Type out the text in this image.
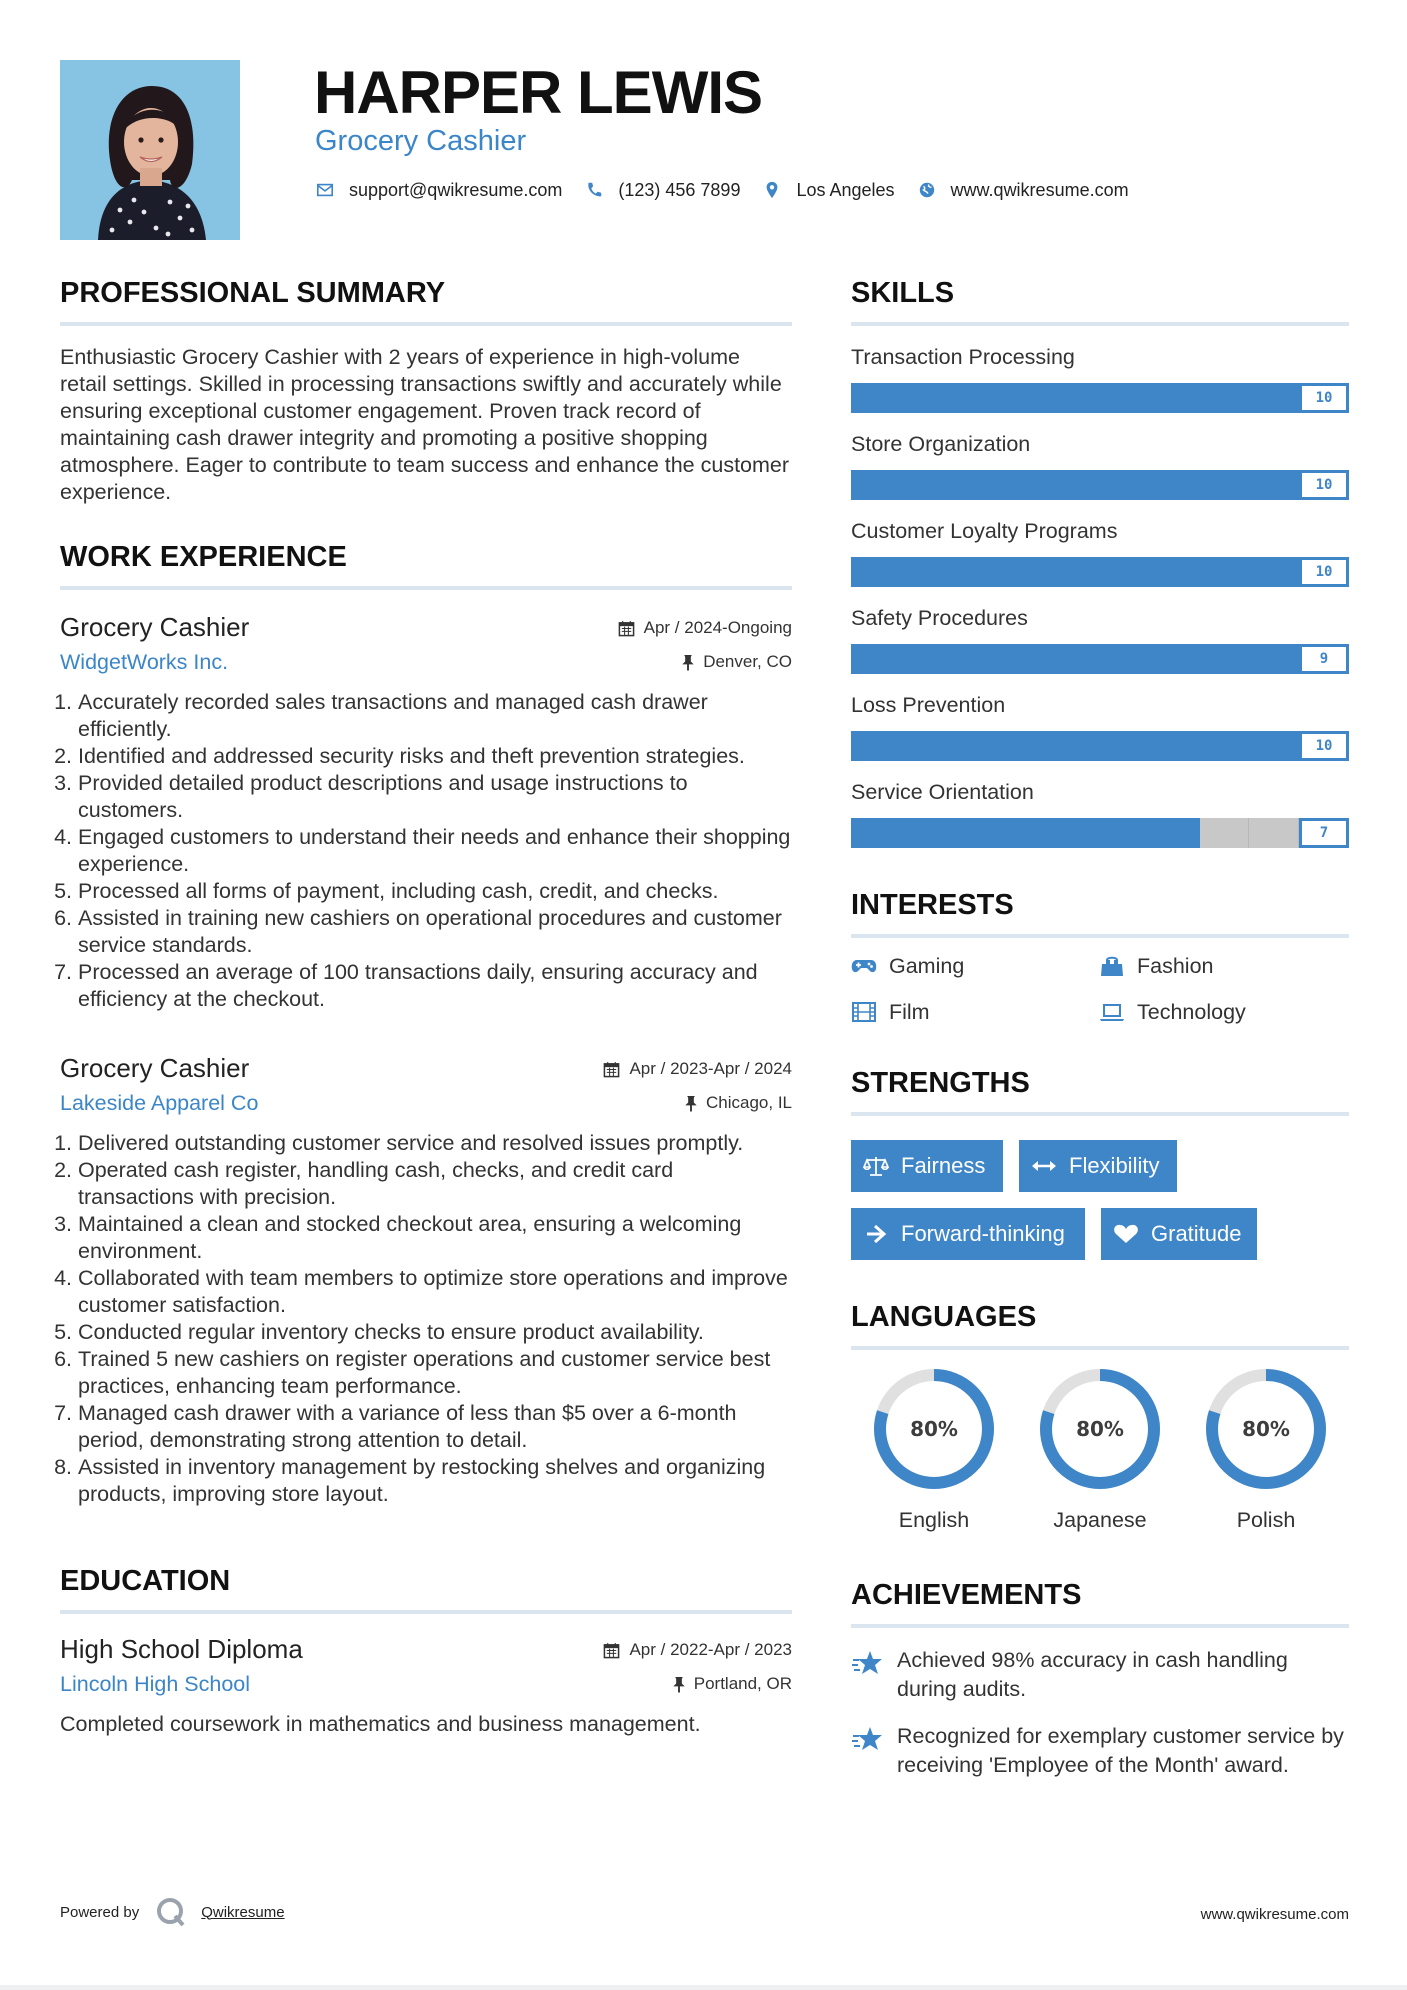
HARPER LEWIS
Grocery Cashier
support@qwikresume.com	(123) 456 7899	Los Angeles	www.qwikresume.com
PROFESSIONAL SUMMARY

Enthusiastic Grocery Cashier with 2 years of experience in high-volume retail settings. Skilled in processing transactions swiftly and accurately while ensuring exceptional customer engagement. Proven track record of maintaining cash drawer integrity and promoting a positive shopping atmosphere. Eager to contribute to team success and enhance the customer experience.

WORK EXPERIENCE
Grocery Cashier	Apr / 2024-Ongoing
WidgetWorks Inc.	Denver, CO
1. Accurately recorded sales transactions and managed cash drawer efficiently.
2. Identified and addressed security risks and theft prevention strategies.
3. Provided detailed product descriptions and usage instructions to customers.
4. Engaged customers to understand their needs and enhance their shopping experience.
5. Processed all forms of payment, including cash, credit, and checks.
6. Assisted in training new cashiers on operational procedures and customer service standards.
7. Processed an average of 100 transactions daily, ensuring accuracy and efficiency at the checkout.
Grocery Cashier	Apr / 2023-Apr / 2024
Lakeside Apparel Co	Chicago, IL
1. Delivered outstanding customer service and resolved issues promptly.
2. Operated cash register, handling cash, checks, and credit card transactions with precision.
3. Maintained a clean and stocked checkout area, ensuring a welcoming environment.
4. Collaborated with team members to optimize store operations and improve customer satisfaction.
5. Conducted regular inventory checks to ensure product availability.
6. Trained 5 new cashiers on register operations and customer service best practices, enhancing team performance.
7. Managed cash drawer with a variance of less than $5 over a 6-month period, demonstrating strong attention to detail.
8. Assisted in inventory management by restocking shelves and organizing products, improving store layout.
EDUCATION
High School Diploma	Apr / 2022-Apr / 2023
Lincoln High School	Portland, OR

Completed coursework in mathematics and business management.

SKILLS
Transaction Processing
10
Store Organization
10
Customer Loyalty Programs
10
Safety Procedures
9
Loss Prevention
10
Service Orientation
7
INTERESTS
Gaming	Fashion
Film	Technology
STRENGTHS
Fairness	Flexibility
Forward-thinking	Gratitude
LANGUAGES
80%
English
80%
Japanese
80%
Polish
ACHIEVEMENTS
Achieved 98% accuracy in cash handling during audits.
Recognized for exemplary customer service by receiving 'Employee of the Month' award.
Powered by	Qwikresume	www.qwikresume.com
